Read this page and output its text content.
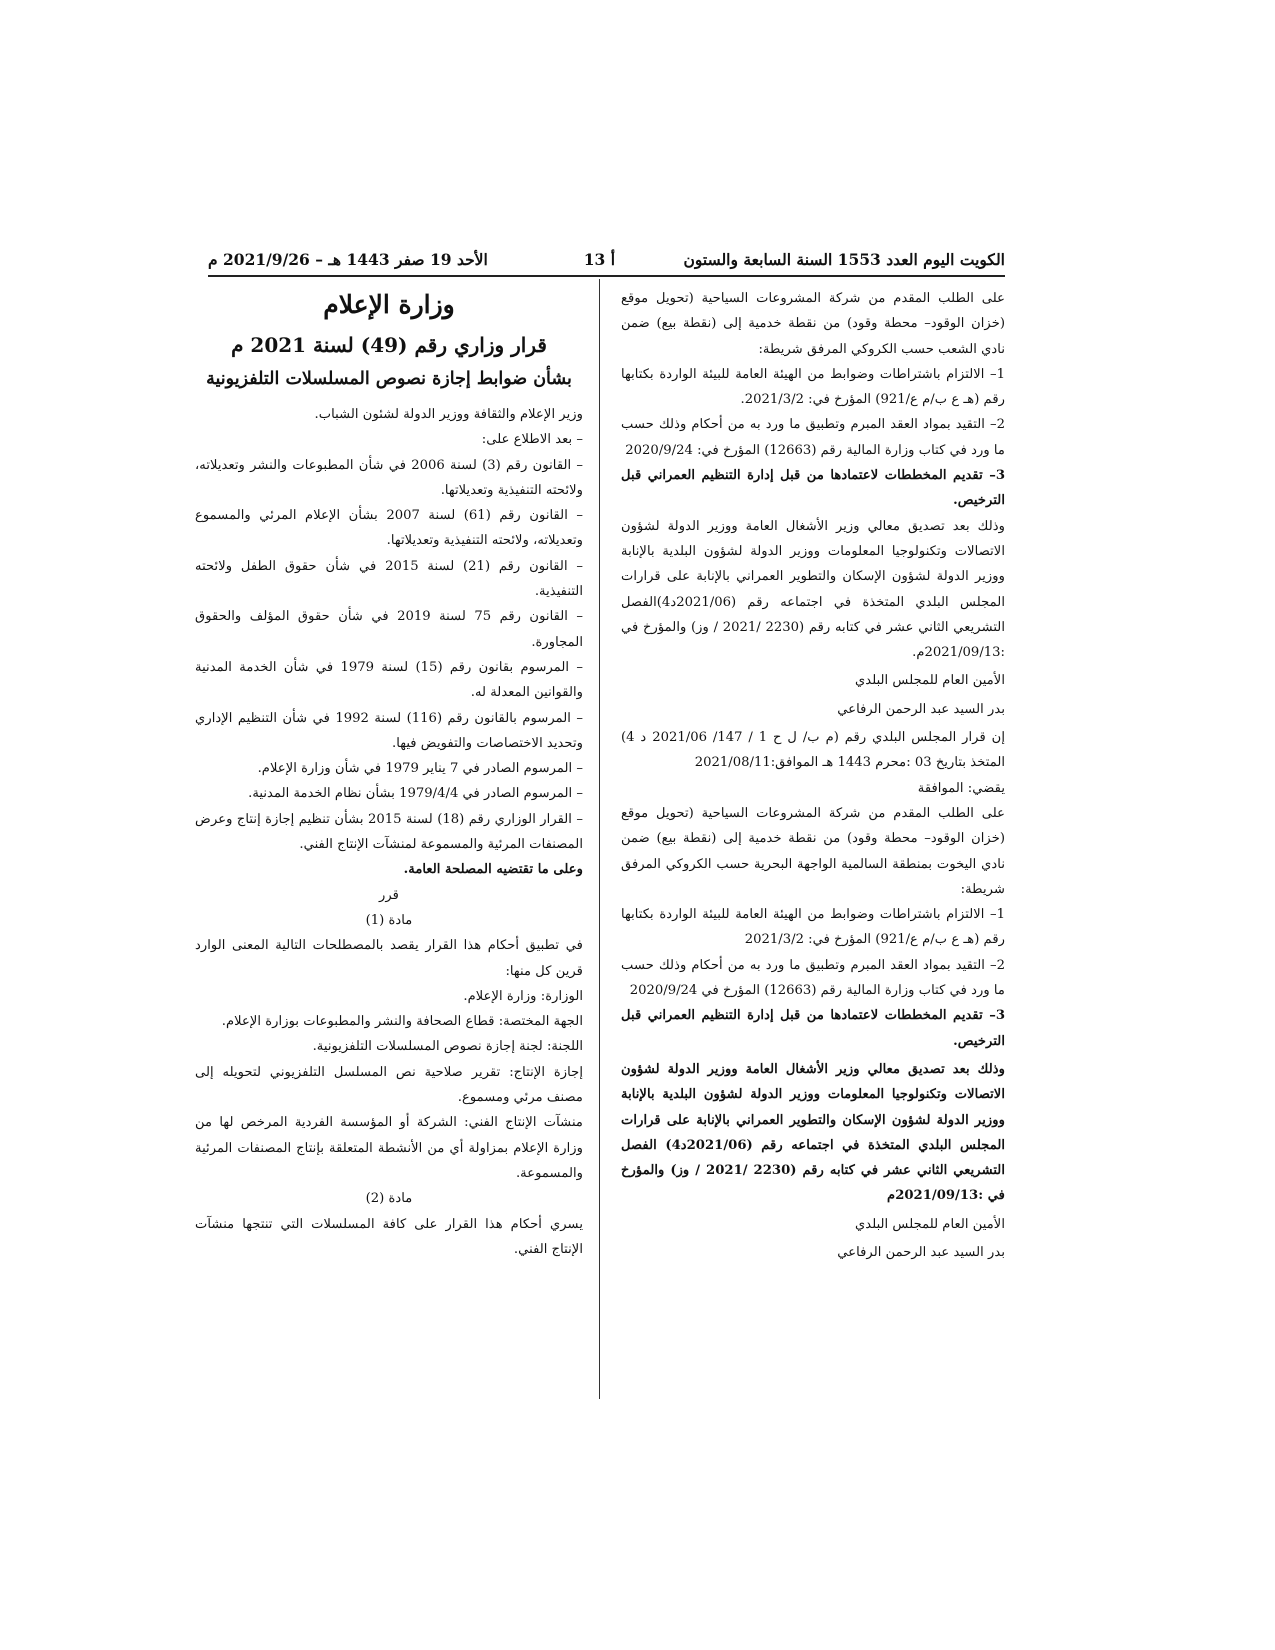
الكويت اليوم العدد 1553 السنة السابعة والستون
أ 13
الأحد 19 صفر 1443 هـ – 2021/9/26 م

على الطلب المقدم من شركة المشروعات السياحية (تحويل موقع (خزان الوقود– محطة وقود) من نقطة خدمية إلى (نقطة بيع) ضمن نادي الشعب حسب الكروكي المرفق شريطة:

1– الالتزام باشتراطات وضوابط من الهيئة العامة للبيئة الواردة بكتابها رقم (هـ ع ب/م ع/921) المؤرخ في: 2021/3/2.

2– التقيد بمواد العقد المبرم وتطبيق ما ورد به من أحكام وذلك حسب ما ورد في كتاب وزارة المالية رقم (12663) المؤرخ في: 2020/9/24

3– تقديم المخططات لاعتمادها من قبل إدارة التنظيم العمراني قبل الترخيص.

وذلك بعد تصديق معالي وزير الأشغال العامة ووزير الدولة لشؤون الاتصالات وتكنولوجيا المعلومات ووزير الدولة لشؤون البلدية بالإنابة ووزير الدولة لشؤون الإسكان والتطوير العمراني بالإنابة على قرارات المجلس البلدي المتخذة في اجتماعه رقم (2021/06د4)الفصل التشريعي الثاني عشر في كتابه رقم (2230 /2021 / وز) والمؤرخ في :2021/09/13م.

الأمين العام للمجلس البلدي

بدر السيد عبد الرحمن الرفاعي

إن قرار المجلس البلدي رقم (م ب/ ل ح 1 / 147/ 2021/06 د 4) المتخذ بتاريخ 03 :محرم 1443 هـ الموافق:2021/08/11

يقضي: الموافقة

على الطلب المقدم من شركة المشروعات السياحية (تحويل موقع (خزان الوقود– محطة وقود) من نقطة خدمية إلى (نقطة بيع) ضمن نادي اليخوت بمنطقة السالمية الواجهة البحرية حسب الكروكي المرفق شريطة:

1– الالتزام باشتراطات وضوابط من الهيئة العامة للبيئة الواردة بكتابها رقم (هـ ع ب/م ع/921) المؤرخ في: 2021/3/2

2– التقيد بمواد العقد المبرم وتطبيق ما ورد به من أحكام وذلك حسب ما ورد في كتاب وزارة المالية رقم (12663) المؤرخ في 2020/9/24

3– تقديم المخططات لاعتمادها من قبل إدارة التنظيم العمراني قبل الترخيص.

وذلك بعد تصديق معالي وزير الأشغال العامة ووزير الدولة لشؤون الاتصالات وتكنولوجيا المعلومات ووزير الدولة لشؤون البلدية بالإنابة ووزير الدولة لشؤون الإسكان والتطوير العمراني بالإنابة على قرارات المجلس البلدي المتخذة في اجتماعه رقم (2021/06د4) الفصل التشريعي الثاني عشر في كتابه رقم (2230 /2021 / وز) والمؤرخ في :2021/09/13م

الأمين العام للمجلس البلدي

بدر السيد عبد الرحمن الرفاعي

وزارة الإعلام

قرار وزاري رقم (49) لسنة 2021 م

بشأن ضوابط إجازة نصوص المسلسلات التلفزيونية

وزير الإعلام والثقافة ووزير الدولة لشئون الشباب.

– بعد الاطلاع على:

– القانون رقم (3) لسنة 2006 في شأن المطبوعات والنشر وتعديلاته، ولائحته التنفيذية وتعديلاتها.

– القانون رقم (61) لسنة 2007 بشأن الإعلام المرئي والمسموع وتعديلاته، ولائحته التنفيذية وتعديلاتها.

– القانون رقم (21) لسنة 2015 في شأن حقوق الطفل ولائحته التنفيذية.

– القانون رقم 75 لسنة 2019 في شأن حقوق المؤلف والحقوق المجاورة.

– المرسوم بقانون رقم (15) لسنة 1979 في شأن الخدمة المدنية والقوانين المعدلة له.

– المرسوم بالقانون رقم (116) لسنة 1992 في شأن التنظيم الإداري وتحديد الاختصاصات والتفويض فيها.

– المرسوم الصادر في 7 يناير 1979 في شأن وزارة الإعلام.

– المرسوم الصادر في 1979/4/4 بشأن نظام الخدمة المدنية.

– القرار الوزاري رقم (18) لسنة 2015 بشأن تنظيم إجازة إنتاج وعرض المصنفات المرئية والمسموعة لمنشآت الإنتاج الفني.

وعلى ما تقتضيه المصلحة العامة.

قرر

مادة (1)

في تطبيق أحكام هذا القرار يقصد بالمصطلحات التالية المعنى الوارد قرين كل منها:

الوزارة: وزارة الإعلام.

الجهة المختصة: قطاع الصحافة والنشر والمطبوعات بوزارة الإعلام.

اللجنة: لجنة إجازة نصوص المسلسلات التلفزيونية.

إجازة الإنتاج: تقرير صلاحية نص المسلسل التلفزيوني لتحويله إلى مصنف مرئي ومسموع.

منشآت الإنتاج الفني: الشركة أو المؤسسة الفردية المرخص لها من وزارة الإعلام بمزاولة أي من الأنشطة المتعلقة بإنتاج المصنفات المرئية والمسموعة.

مادة (2)

يسري أحكام هذا القرار على كافة المسلسلات التي تنتجها منشآت الإنتاج الفني.
